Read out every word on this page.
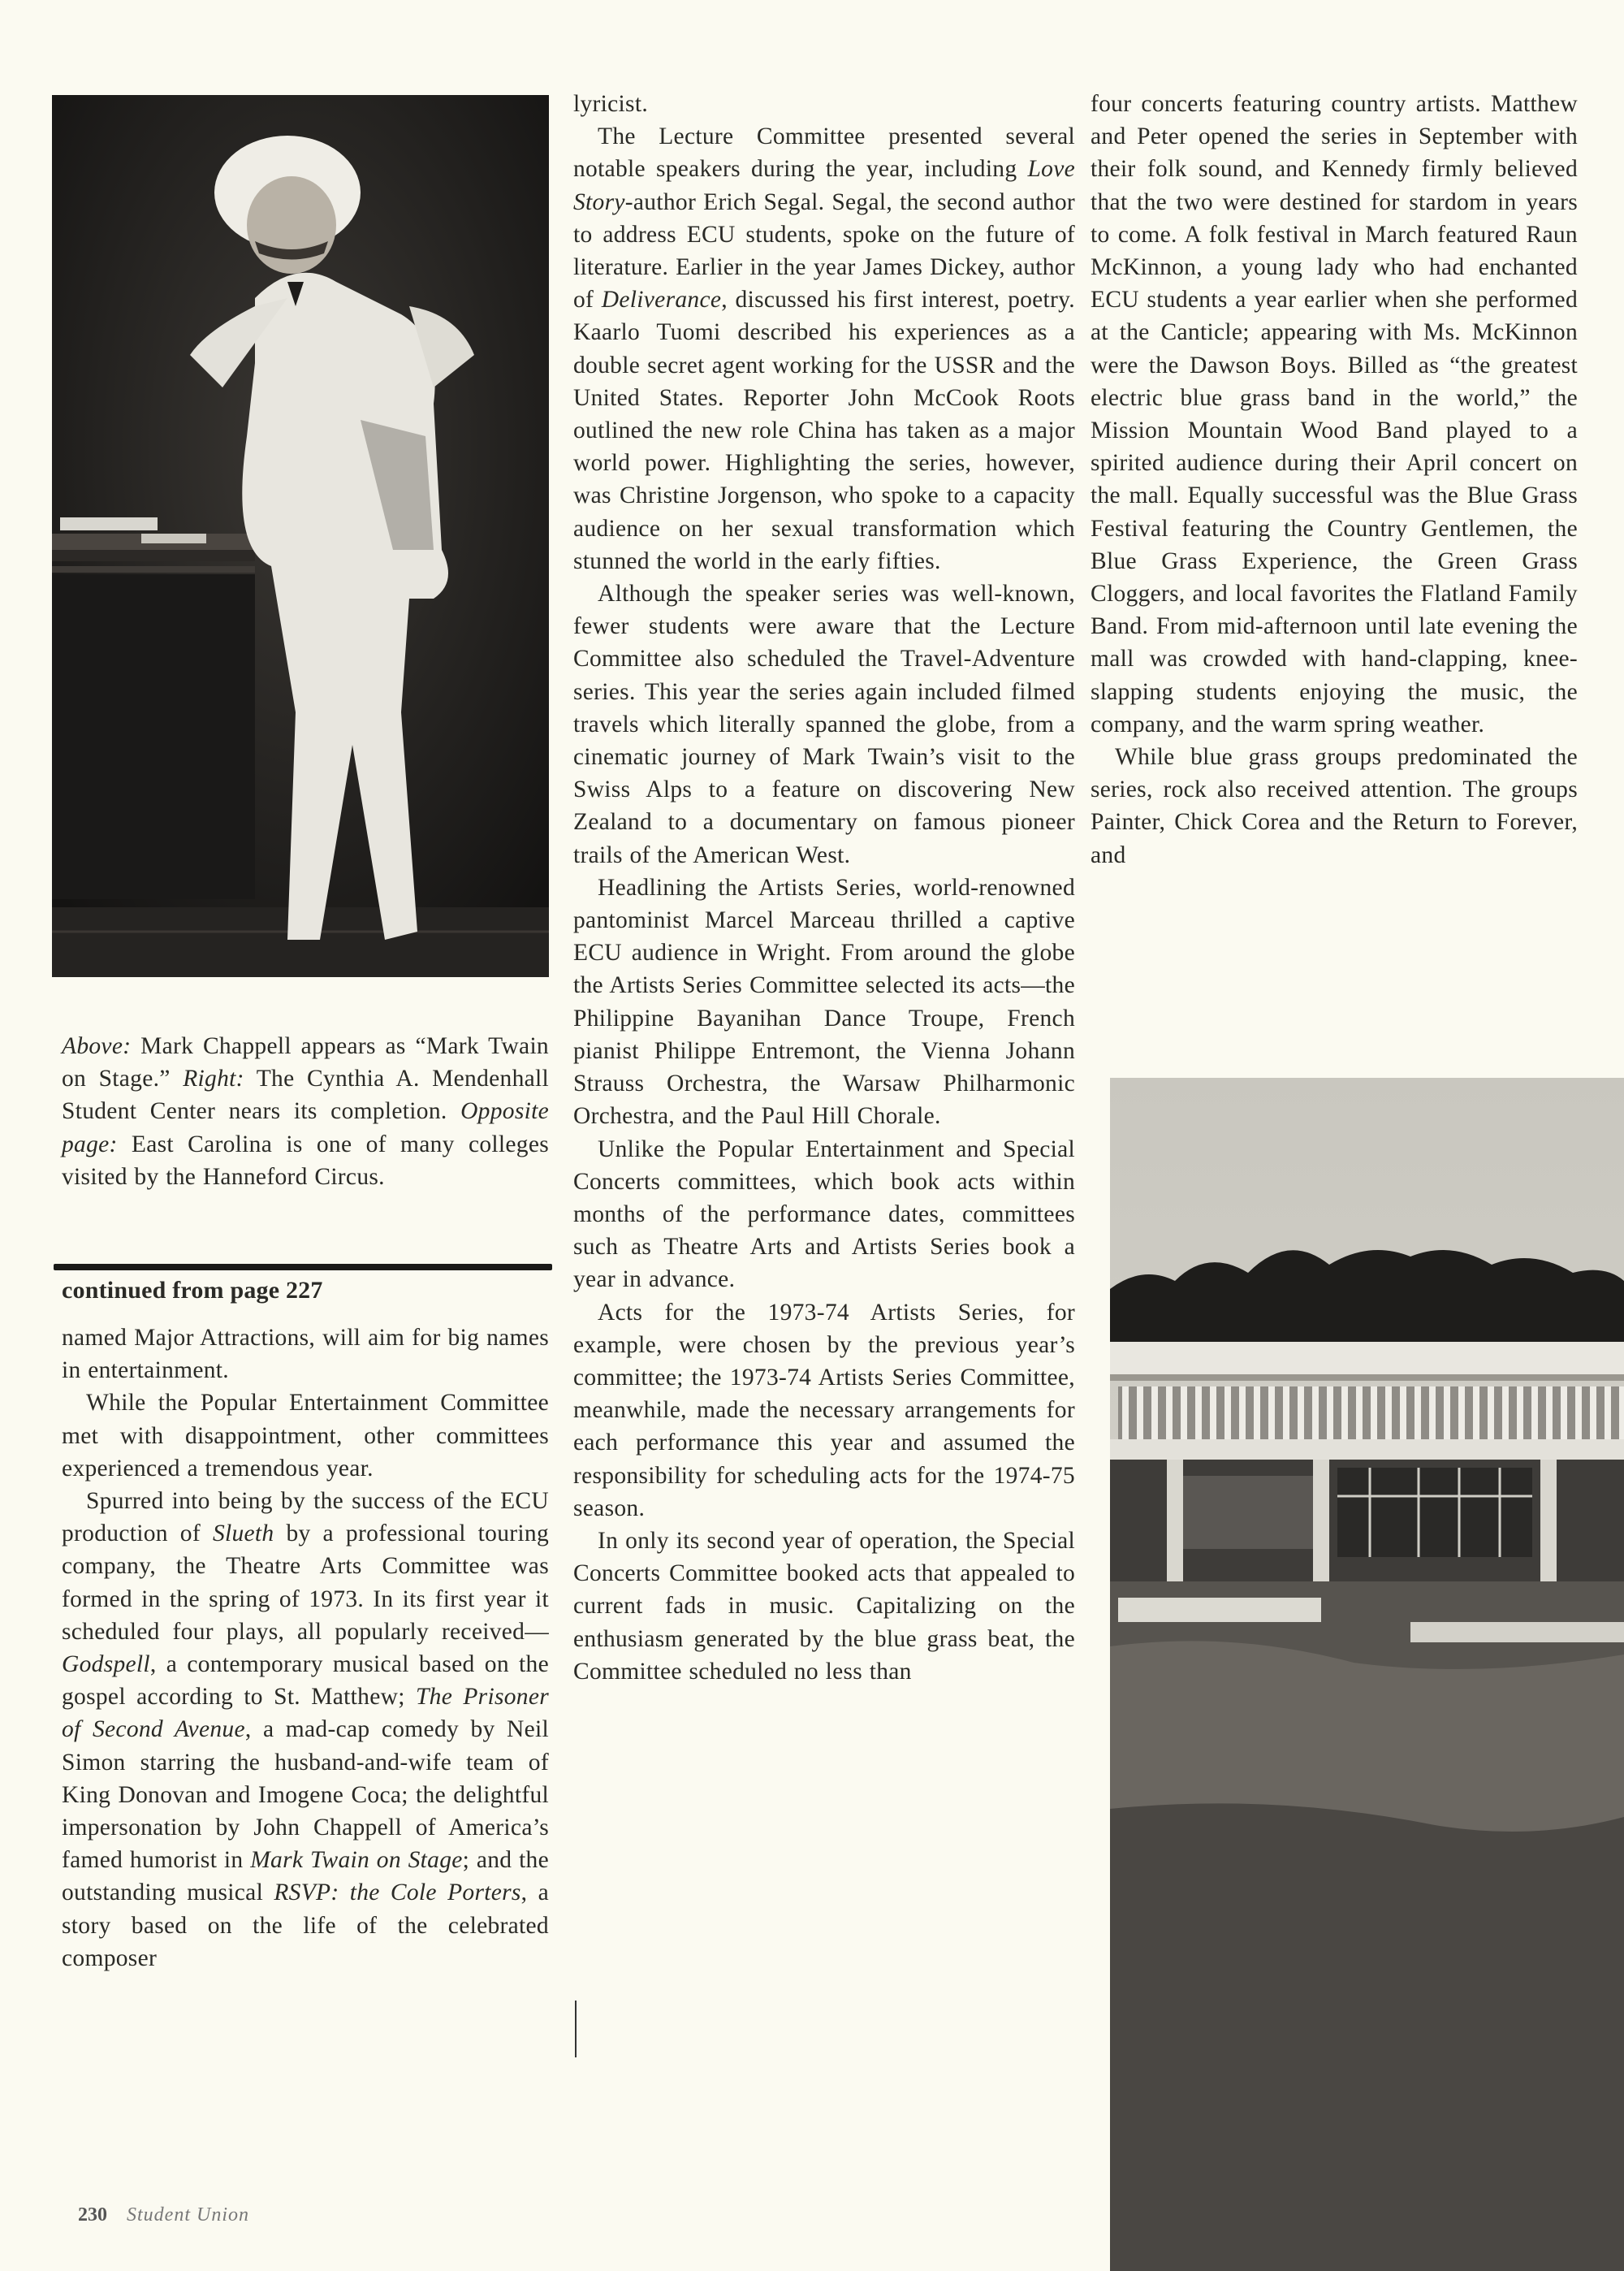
Above: Mark Chappell appears as “Mark Twain on Stage.” Right: The Cynthia A. Mendenhall Student Center nears its completion. Opposite page: East Carolina is one of many colleges visited by the Hanneford Circus.

continued from page 227

named Major Attractions, will aim for big names in entertainment.

While the Popular Entertainment Committee met with disappointment, other committees experienced a tremendous year.

Spurred into being by the success of the ECU production of Slueth by a professional touring company, the Theatre Arts Committee was formed in the spring of 1973. In its first year it scheduled four plays, all popularly received—Godspell, a contemporary musical based on the gospel according to St. Matthew; The Prisoner of Second Avenue, a mad-cap comedy by Neil Simon starring the husband-and-wife team of King Donovan and Imogene Coca; the delightful impersonation by John Chappell of America’s famed humorist in Mark Twain on Stage; and the outstanding musical RSVP: the Cole Porters, a story based on the life of the celebrated composer

lyricist.

The Lecture Committee presented several notable speakers during the year, including Love Story-author Erich Segal. Segal, the second author to address ECU students, spoke on the future of literature. Earlier in the year James Dickey, author of Deliverance, discussed his first interest, poetry. Kaarlo Tuomi described his experiences as a double secret agent working for the USSR and the United States. Reporter John McCook Roots outlined the new role China has taken as a major world power. Highlighting the series, however, was Christine Jorgenson, who spoke to a capacity audience on her sexual transformation which stunned the world in the early fifties.

Although the speaker series was well-known, fewer students were aware that the Lecture Committee also scheduled the Travel-Adventure series. This year the series again included filmed travels which literally spanned the globe, from a cinematic journey of Mark Twain’s visit to the Swiss Alps to a feature on discovering New Zealand to a documentary on famous pioneer trails of the American West.

Headlining the Artists Series, world-renowned pantominist Marcel Marceau thrilled a captive ECU audience in Wright. From around the globe the Artists Series Committee selected its acts—the Philippine Bayanihan Dance Troupe, French pianist Philippe Entremont, the Vienna Johann Strauss Orchestra, the Warsaw Philharmonic Orchestra, and the Paul Hill Chorale.

Unlike the Popular Entertainment and Special Concerts committees, which book acts within months of the performance dates, committees such as Theatre Arts and Artists Series book a year in advance.

Acts for the 1973-74 Artists Series, for example, were chosen by the previous year’s committee; the 1973-74 Artists Series Committee, meanwhile, made the necessary arrangements for each performance this year and assumed the responsibility for scheduling acts for the 1974-75 season.

In only its second year of operation, the Special Concerts Committee booked acts that appealed to current fads in music. Capitalizing on the enthusiasm generated by the blue grass beat, the Committee scheduled no less than

four concerts featuring country artists. Matthew and Peter opened the series in September with their folk sound, and Kennedy firmly believed that the two were destined for stardom in years to come. A folk festival in March featured Raun McKinnon, a young lady who had enchanted ECU students a year earlier when she performed at the Canticle; appearing with Ms. McKinnon were the Dawson Boys. Billed as “the greatest electric blue grass band in the world,” the Mission Mountain Wood Band played to a spirited audience during their April concert on the mall. Equally successful was the Blue Grass Festival featuring the Country Gentlemen, the Blue Grass Experience, the Green Grass Cloggers, and local favorites the Flatland Family Band. From mid-afternoon until late evening the mall was crowded with hand-clapping, knee-slapping students enjoying the music, the company, and the warm spring weather.

While blue grass groups predominated the series, rock also received attention. The groups Painter, Chick Corea and the Return to Forever, and

230 Student Union
